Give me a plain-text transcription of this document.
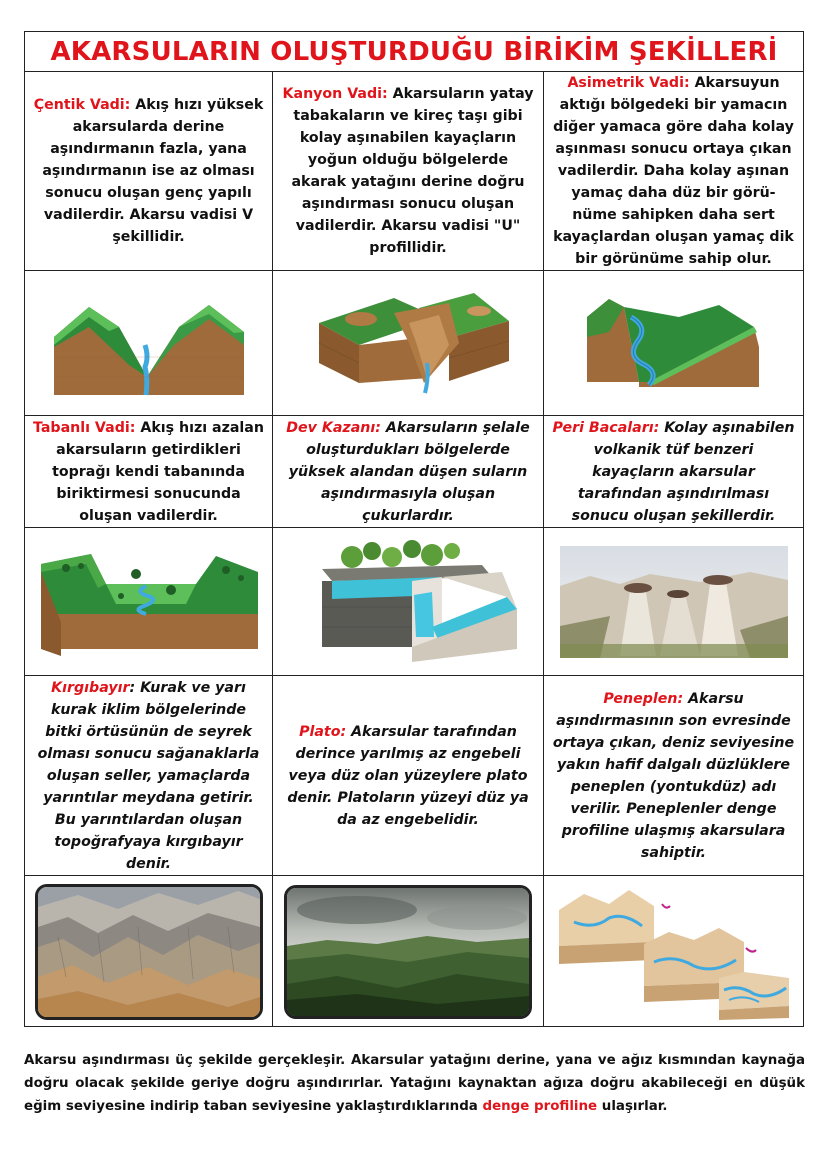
AKARSULARIN OLUŞTURDUĞU BİRİKİM ŞEKİLLERİ
Çentik Vadi: Akış hızı yüksek akarsularda derine aşındırmanın fazla, yana aşındırmanın ise az olması sonucu oluşan genç yapılı vadilerdir. Akarsu vadisi V şekillidir.
Kanyon Vadi: Akarsuların yatay tabakaların ve kireç taşı gibi kolay aşınabilen kayaçların yoğun olduğu bölgelerde akarak yatağını derine doğru aşındırması sonucu oluşan vadilerdir. Akarsu vadisi "U" profillidir.
Asimetrik Vadi: Akarsuyun aktığı bölgedeki bir yamacın diğer yamaca göre daha kolay aşınması sonucu ortaya çıkan vadilerdir. Daha kolay aşınan yamaç daha düz bir görü- nüme sahipken daha sert kayaçlardan oluşan yamaç dik bir görünüme sahip olur.
Tabanlı Vadi: Akış hızı azalan akarsuların getirdikleri toprağı kendi tabanında biriktirmesi sonucunda oluşan vadilerdir.
Dev Kazanı: Akarsuların şelale oluşturdukları bölgelerde yüksek alandan düşen suların aşındırmasıyla oluşan çukurlardır.
Peri Bacaları: Kolay aşınabilen volkanik tüf benzeri kayaçların akarsular tarafından aşındırılması sonucu oluşan şekillerdir.
Kırgıbayır: Kurak ve yarı kurak iklim bölgelerinde bitki örtüsünün de seyrek olması sonucu sağanaklarla oluşan seller, yamaçlarda yarıntılar meydana getirir. Bu yarıntılardan oluşan topoğrafyaya kırgıbayır denir.
Plato: Akarsular tarafından derince yarılmış az engebeli veya düz olan yüzeylere plato denir. Platoların yüzeyi düz ya da az engebelidir.
Peneplen: Akarsu aşındırmasının son evresinde ortaya çıkan, deniz seviyesine yakın hafif dalgalı düzlüklere peneplen (yontukdüz) adı verilir. Peneplenler denge profiline ulaşmış akarsulara sahiptir.
Akarsu aşındırması üç şekilde gerçekleşir. Akarsular yatağını derine, yana ve ağız kısmından kaynağa doğru olacak şekilde geriye doğru aşındırırlar. Yatağını kaynaktan ağıza doğru akabileceği en düşük eğim seviyesine indirip taban seviyesine yaklaştırdıklarında denge profiline ulaşırlar.
